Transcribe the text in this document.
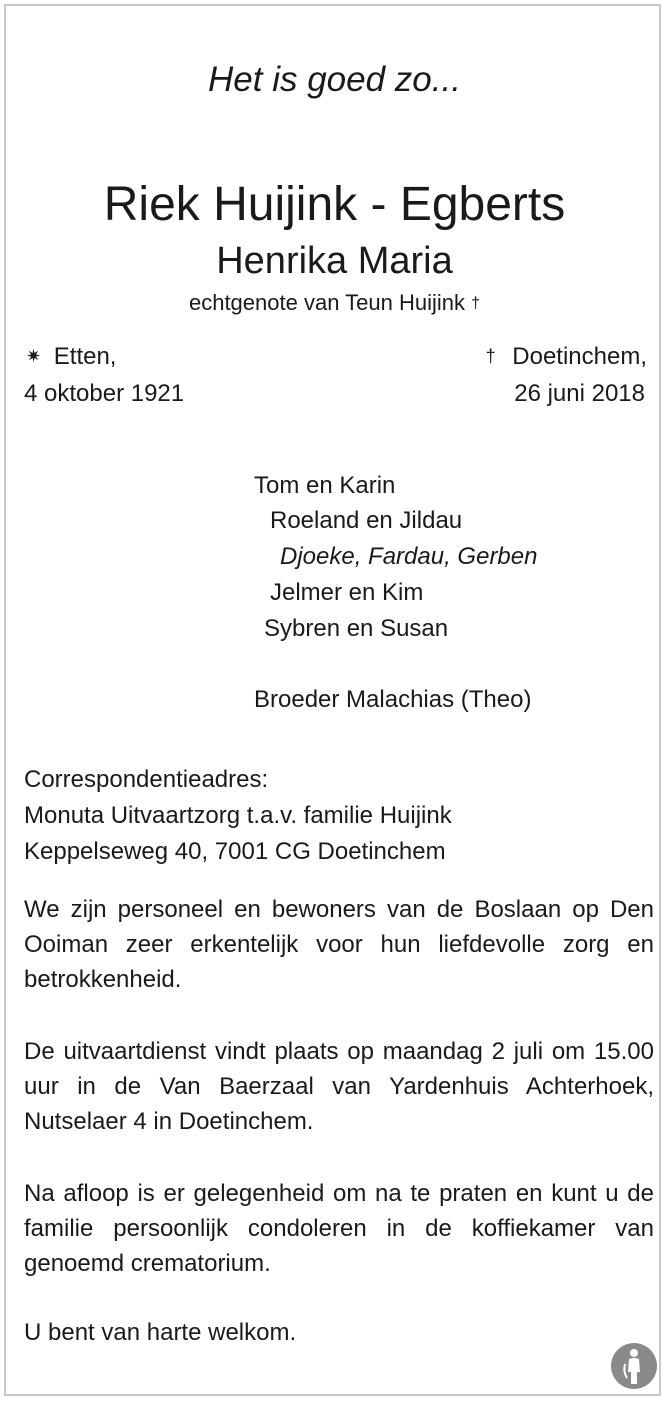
Het is goed zo...
Riek Huijink - Egberts
Henrika Maria
echtgenote van Teun Huijink †
✷ Etten,
4 oktober 1921
† Doetinchem,
26 juni 2018
Tom en Karin
Roeland en Jildau
Djoeke, Fardau, Gerben
Jelmer en Kim
Sybren en Susan
Broeder Malachias (Theo)
Correspondentieadres:
Monuta Uitvaartzorg t.a.v. familie Huijink
Keppelseweg 40, 7001 CG Doetinchem
We zijn personeel en bewoners van de Boslaan op Den Ooiman zeer erkentelijk voor hun liefdevolle zorg en betrokkenheid.
De uitvaartdienst vindt plaats op maandag 2 juli om 15.00 uur in de Van Baerzaal van Yardenhuis Achterhoek, Nutselaer 4 in Doetinchem.
Na afloop is er gelegenheid om na te praten en kunt u de familie persoonlijk condoleren in de koffiekamer van genoemd crematorium.
U bent van harte welkom.
